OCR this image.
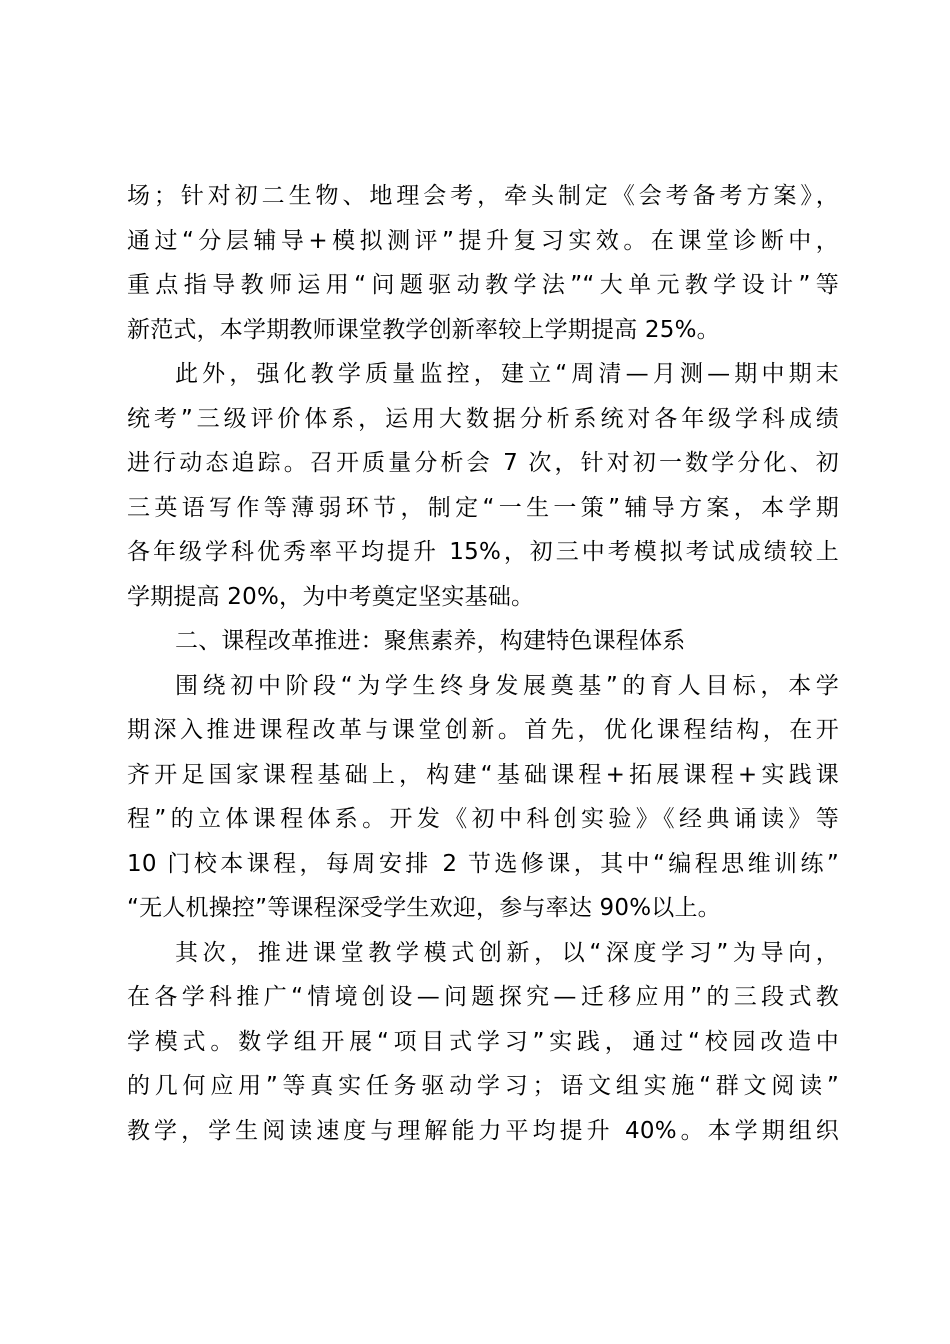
场；针对初二生物、地理会考，牵头制定《会考备考方案》，
通过“分层辅导+模拟测评”提升复习实效。在课堂诊断中，
重点指导教师运用“问题驱动教学法”“大单元教学设计”等
新范式，本学期教师课堂教学创新率较上学期提高 25%。
此外，强化教学质量监控，建立“周清—月测—期中期末
统考”三级评价体系，运用大数据分析系统对各年级学科成绩
进行动态追踪。召开质量分析会 7 次，针对初一数学分化、初
三英语写作等薄弱环节，制定“一生一策”辅导方案，本学期
各年级学科优秀率平均提升 15%，初三中考模拟考试成绩较上
学期提高 20%，为中考奠定坚实基础。
二、课程改革推进：聚焦素养，构建特色课程体系
围绕初中阶段“为学生终身发展奠基”的育人目标，本学
期深入推进课程改革与课堂创新。首先，优化课程结构，在开
齐开足国家课程基础上，构建“基础课程+拓展课程+实践课
程”的立体课程体系。开发《初中科创实验》《经典诵读》等
10 门校本课程，每周安排 2 节选修课，其中“编程思维训练”
“无人机操控”等课程深受学生欢迎，参与率达 90%以上。
其次，推进课堂教学模式创新，以“深度学习”为导向，
在各学科推广“情境创设—问题探究—迁移应用”的三段式教
学模式。数学组开展“项目式学习”实践，通过“校园改造中
的几何应用”等真实任务驱动学习；语文组实施“群文阅读”
教学，学生阅读速度与理解能力平均提升 40%。本学期组织
